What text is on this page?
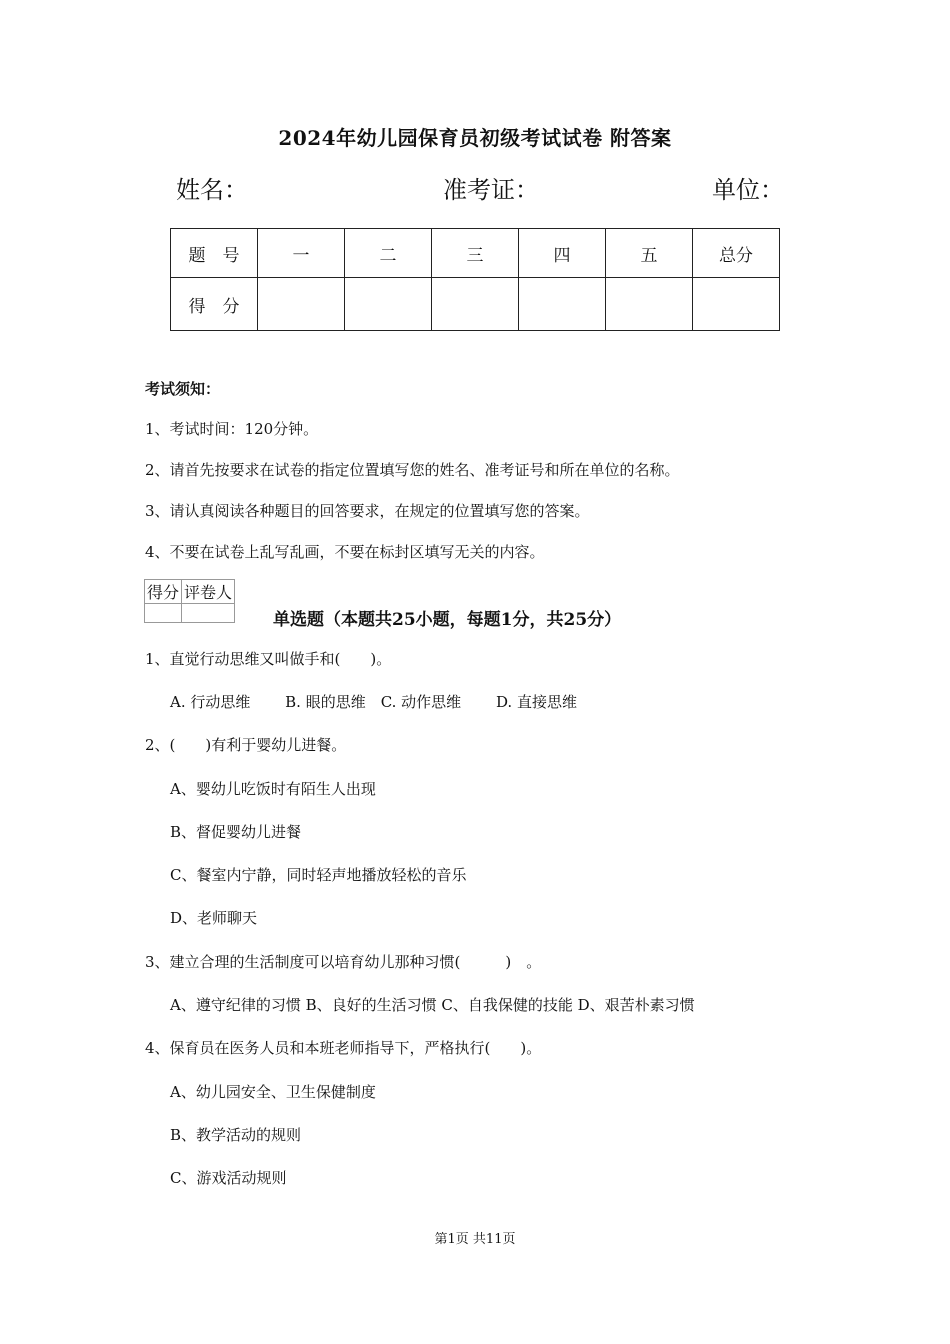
2024年幼儿园保育员初级考试试卷 附答案
姓名：	准考证：	单位：
题　号	一	二	三	四	五	总分
得　分						
考试须知：
1、考试时间：120分钟。
2、请首先按要求在试卷的指定位置填写您的姓名、准考证号和所在单位的名称。
3、请认真阅读各种题目的回答要求，在规定的位置填写您的答案。
4、不要在试卷上乱写乱画，不要在标封区填写无关的内容。
得分	评卷人

单选题（本题共25小题，每题1分，共25分）
1、直觉行动思维又叫做手和(　　)。
A. 行动思维　　 B. 眼的思维　C. 动作思维　　 D. 直接思维
2、(　　)有利于婴幼儿进餐。
A、婴幼儿吃饭时有陌生人出现
B、督促婴幼儿进餐
C、餐室内宁静，同时轻声地播放轻松的音乐
D、老师聊天
3、建立合理的生活制度可以培育幼儿那种习惯(　　　)　。
A、遵守纪律的习惯 B、良好的生活习惯 C、自我保健的技能 D、艰苦朴素习惯
4、保育员在医务人员和本班老师指导下，严格执行(　　)。
A、幼儿园安全、卫生保健制度
B、教学活动的规则
C、游戏活动规则
第1页 共11页
